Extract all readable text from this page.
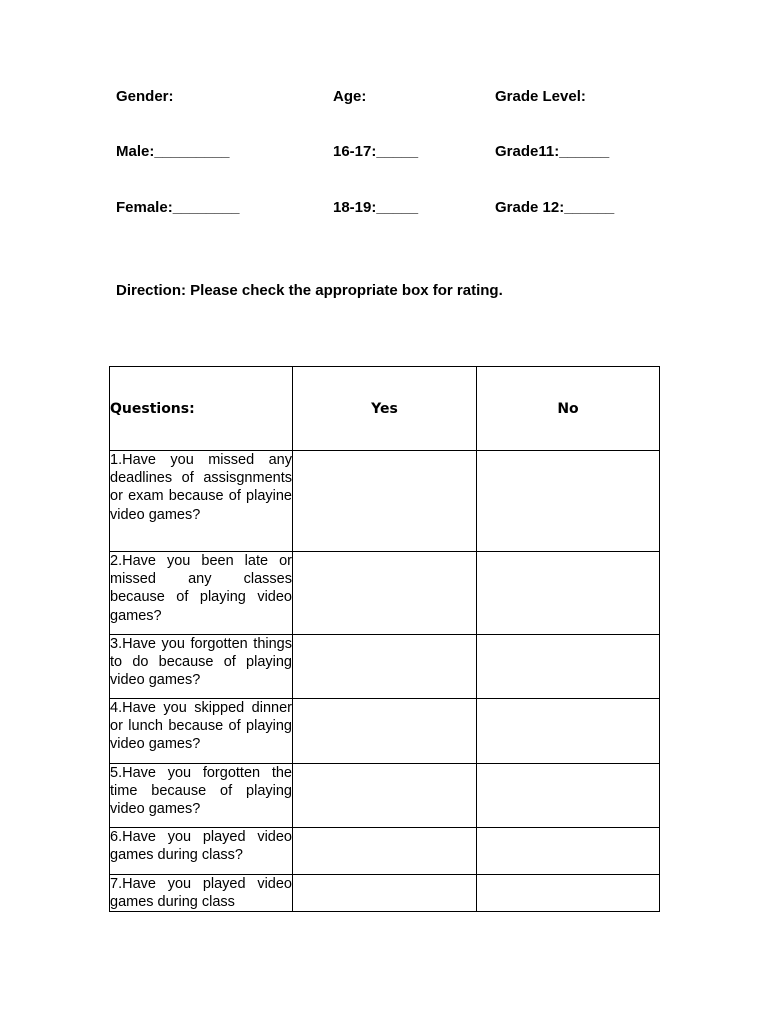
Gender:	Age:	Grade Level:
Male:_________	16-17:_____	Grade11:______
Female:________	18-19:_____	Grade 12:______
Direction: Please check the appropriate box for rating.
Questions:	Yes	No
1.Have you missed any deadlines of assisgnments or exam because of playine video games?		
2.Have you been late or missed any classes because of playing video games?		
3.Have you forgotten things to do because of playing video games?		
4.Have you skipped dinner or lunch because of playing video games?		
5.Have you forgotten the time because of playing video games?		
6.Have you played video games during class?		

7.Have you played video games during class		
